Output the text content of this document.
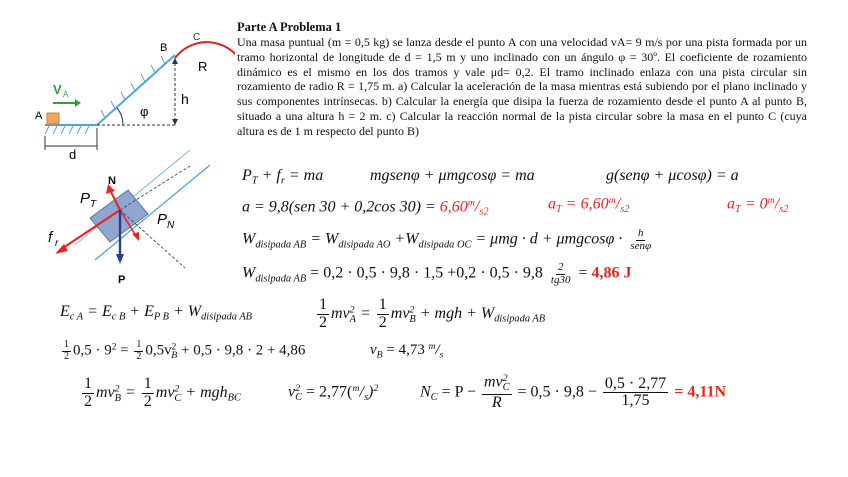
Parte A Problema 1
Una masa puntual (m = 0,5 kg) se lanza desde el punto A con una velocidad vA= 9 m/s por una pista formada por un tramo horizontal de longitude de d = 1,5 m y uno inclinado con un ángulo φ = 30º. El coeficiente de rozamiento dinámico es el mismo en los dos tramos y vale μd= 0,2. El tramo inclinado enlaza con una pista circular sin rozamiento de radio R = 1,75 m. a) Calcular la aceleración de la masa mientras está subiendo por el plano inclinado y sus componentes intrínsecas. b) Calcular la energía que disipa la fuerza de rozamiento desde el punto A al punto B, situado a una altura h = 2 m. c) Calcular la reacción normal de la pista circular sobre la masa en el punto C (cuya altura es de 1 m respecto del punto B)
V A
A
B
C
R
h
φ
d
N
P T
P N
f r
P
$P_T + f_r$ = ma	mgsenφ + μmgcosφ = ma	g(senφ + μcosφ) = a
a = 9,8(sen 30 + 0,2cos $30) = 6,60^m/_{s2}$
$a_T = 6,60^m/_{s2}$	$a_T = 0^m/_{s2}$
$W_{disipada AB} = W_{disipada AO} +W_{disipada OC} = \mu mg \cdot d + \mu mgcos\varphi \cdot \frac{h}{\text{senφ}}$
$W_{disipada AB} = 0,2 \cdot 0,5 \cdot 9,8 \cdot 1,5 +0,2 \cdot 0,5 \cdot 9,8 \frac{2}{tg30} = 4,86$ J
$E_{c A} = E_{c B} + E_{P B} + W_{disipada AB}$	$\frac{1}{2} mv^2_A = \frac{1}{2} mv^2_B$ + mgh + $W_{disipada AB}$
$\frac{1}{2} 0,5 \cdot 9^2 = \frac{1}{2} 0,5v^2_B + 0,5 \cdot 9,8 \cdot 2 + 4,86$	$v_B = 4,73$ $^m/_s$
$\frac{1}{2} mv^2_B = \frac{1}{2} mv^2_C + mgh_{BC}$	$v^2_C = 2,77(^m/_s)^2$	$N_C = P - \frac{mv^2_C}{R} = 0,5 \cdot 9,8 - \frac{0,5 \cdot 2,77}{1,75} = 4,11N$
